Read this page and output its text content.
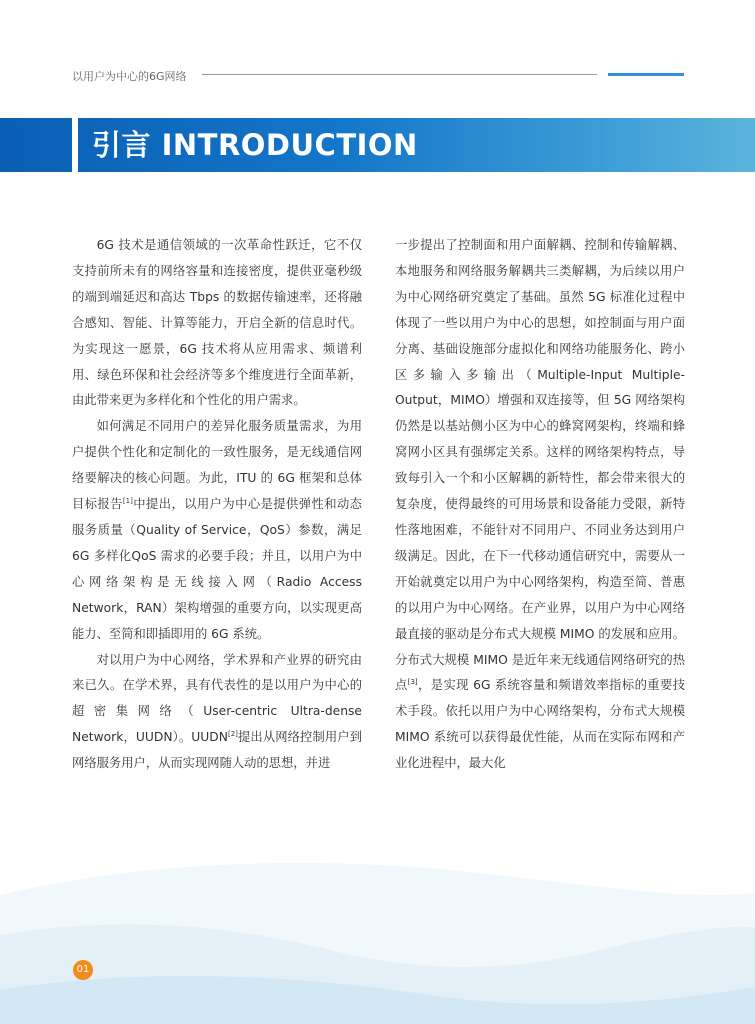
以用户为中心的6G网络
引言 INTRODUCTION

6G 技术是通信领域的一次革命性跃迁，它不仅支持前所未有的网络容量和连接密度，提供亚毫秒级的端到端延迟和高达 Tbps 的数据传输速率，还将融合感知、智能、计算等能力，开启全新的信息时代。为实现这一愿景，6G 技术将从应用需求、频谱利用、绿色环保和社会经济等多个维度进行全面革新，由此带来更为多样化和个性化的用户需求。

如何满足不同用户的差异化服务质量需求，为用户提供个性化和定制化的一致性服务，是无线通信网络要解决的核心问题。为此，ITU 的 6G 框架和总体目标报告[1]中提出，以用户为中心是提供弹性和动态服务质量（Quality of Service，QoS）参数，满足 6G 多样化QoS 需求的必要手段；并且，以用户为中心网络架构是无线接入网（Radio Access Network，RAN）架构增强的重要方向，以实现更高能力、至简和即插即用的 6G 系统。

对以用户为中心网络，学术界和产业界的研究由来已久。在学术界，具有代表性的是以用户为中心的超密集网络（User-centric Ultra-dense Network，UUDN）。UUDN[2]提出从网络控制用户到网络服务用户，从而实现网随人动的思想，并进

一步提出了控制面和用户面解耦、控制和传输解耦、本地服务和网络服务解耦共三类解耦，为后续以用户为中心网络研究奠定了基础。虽然 5G 标准化过程中体现了一些以用户为中心的思想，如控制面与用户面分离、基础设施部分虚拟化和网络功能服务化、跨小区多输入多输出（Multiple-Input Multiple-Output，MIMO）增强和双连接等，但 5G 网络架构仍然是以基站侧小区为中心的蜂窝网架构，终端和蜂窝网小区具有强绑定关系。这样的网络架构特点，导致每引入一个和小区解耦的新特性，都会带来很大的复杂度，使得最终的可用场景和设备能力受限，新特性落地困难，不能针对不同用户、不同业务达到用户级满足。因此，在下一代移动通信研究中，需要从一开始就奠定以用户为中心网络架构，构造至简、普惠的以用户为中心网络。在产业界，以用户为中心网络最直接的驱动是分布式大规模 MIMO 的发展和应用。分布式大规模 MIMO 是近年来无线通信网络研究的热点[3]，是实现 6G 系统容量和频谱效率指标的重要技术手段。依托以用户为中心网络架构，分布式大规模 MIMO 系统可以获得最优性能，从而在实际布网和产业化进程中，最大化

01
